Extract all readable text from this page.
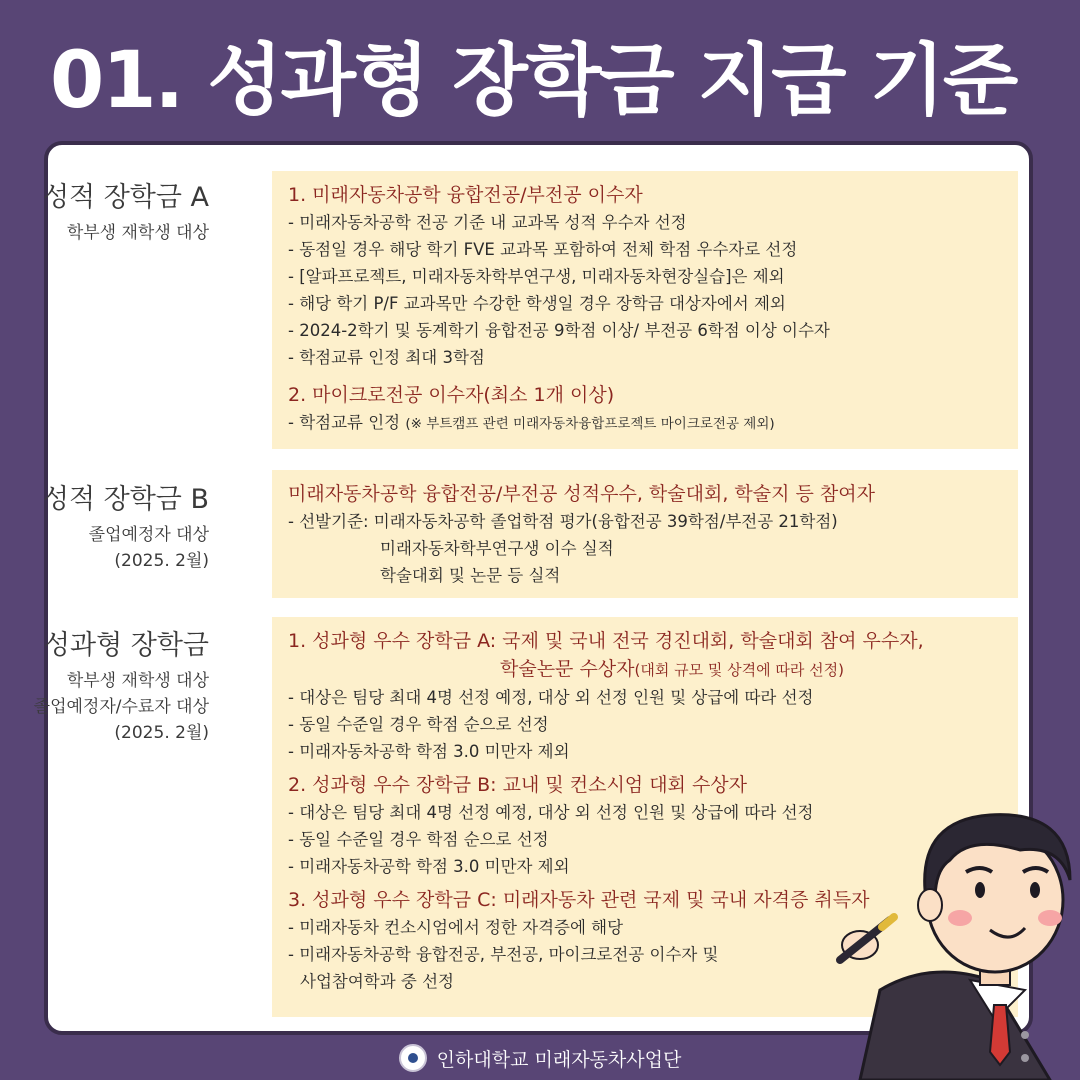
01. 성과형 장학금 지급 기준
성적 장학금 A
학부생 재학생 대상
1. 미래자동차공학 융합전공/부전공 이수자
- 미래자동차공학 전공 기준 내 교과목 성적 우수자 선정
- 동점일 경우 해당 학기 FVE 교과목 포함하여 전체 학점 우수자로 선정
- [알파프로젝트, 미래자동차학부연구생, 미래자동차현장실습]은 제외
- 해당 학기 P/F 교과목만 수강한 학생일 경우 장학금 대상자에서 제외
- 2024-2학기 및 동계학기 융합전공 9학점 이상/ 부전공 6학점 이상 이수자
- 학점교류 인정 최대 3학점
2. 마이크로전공 이수자(최소 1개 이상)
- 학점교류 인정 (※ 부트캠프 관련 미래자동차융합프로젝트 마이크로전공 제외)
성적 장학금 B
졸업예정자 대상
(2025. 2월)
미래자동차공학 융합전공/부전공 성적우수, 학술대회, 학술지 등 참여자
- 선발기준: 미래자동차공학 졸업학점 평가(융합전공 39학점/부전공 21학점)
미래자동차학부연구생 이수 실적
학술대회 및 논문 등 실적
성과형 장학금
학부생 재학생 대상
졸업예정자/수료자 대상
(2025. 2월)
1. 성과형 우수 장학금 A: 국제 및 국내 전국 경진대회, 학술대회 참여 우수자,
학술논문 수상자(대회 규모 및 상격에 따라 선정)
- 대상은 팀당 최대 4명 선정 예정, 대상 외 선정 인원 및 상급에 따라 선정
- 동일 수준일 경우 학점 순으로 선정
- 미래자동차공학 학점 3.0 미만자 제외
2. 성과형 우수 장학금 B: 교내 및 컨소시엄 대회 수상자
- 대상은 팀당 최대 4명 선정 예정, 대상 외 선정 인원 및 상급에 따라 선정
- 동일 수준일 경우 학점 순으로 선정
- 미래자동차공학 학점 3.0 미만자 제외
3. 성과형 우수 장학금 C: 미래자동차 관련 국제 및 국내 자격증 취득자
- 미래자동차 컨소시엄에서 정한 자격증에 해당
- 미래자동차공학 융합전공, 부전공, 마이크로전공 이수자 및
사업참여학과 중 선정
인하대학교 미래자동차사업단
